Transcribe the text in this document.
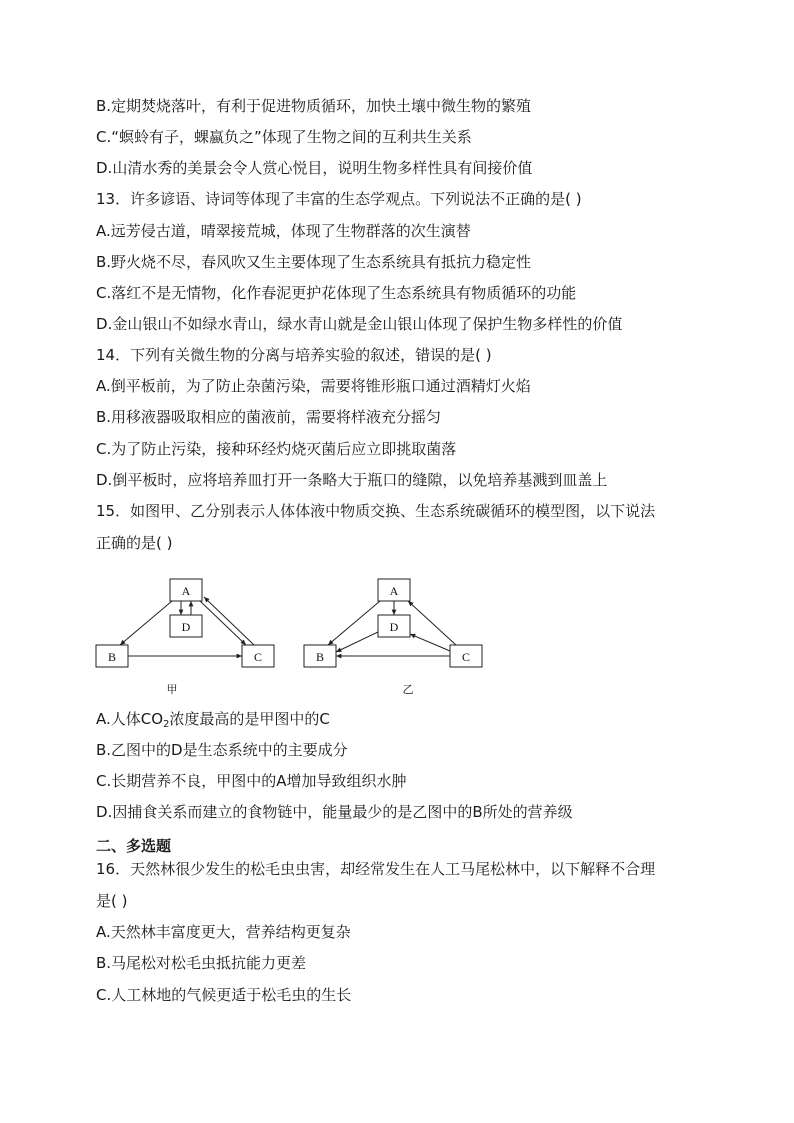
B.定期焚烧落叶，有利于促进物质循环，加快土壤中微生物的繁殖
C.“螟蛉有子，蜾蠃负之”体现了生物之间的互利共生关系
D.山清水秀的美景会令人赏心悦目，说明生物多样性具有间接价值
13．许多谚语、诗词等体现了丰富的生态学观点。下列说法不正确的是( )
A.远芳侵古道，晴翠接荒城，体现了生物群落的次生演替
B.野火烧不尽，春风吹又生主要体现了生态系统具有抵抗力稳定性
C.落红不是无情物，化作春泥更护花体现了生态系统具有物质循环的功能
D.金山银山不如绿水青山，绿水青山就是金山银山体现了保护生物多样性的价值
14．下列有关微生物的分离与培养实验的叙述，错误的是( )
A.倒平板前，为了防止杂菌污染，需要将锥形瓶口通过酒精灯火焰
B.用移液器吸取相应的菌液前，需要将样液充分摇匀
C.为了防止污染，接种环经灼烧灭菌后应立即挑取菌落
D.倒平板时，应将培养皿打开一条略大于瓶口的缝隙，以免培养基溅到皿盖上
15．如图甲、乙分别表示人体体液中物质交换、生态系统碳循环的模型图，以下说法
正确的是( )
A
D
B	C
甲
A
D
B	C
乙
A.人体$CO_2$浓度最高的是甲图中的C
B.乙图中的D是生态系统中的主要成分
C.长期营养不良，甲图中的A增加导致组织水肿
D.因捕食关系而建立的食物链中，能量最少的是乙图中的B所处的营养级
二、多选题
16．天然林很少发生的松毛虫虫害，却经常发生在人工马尾松林中，以下解释不合理
是( )
A.天然林丰富度更大，营养结构更复杂
B.马尾松对松毛虫抵抗能力更差
C.人工林地的气候更适于松毛虫的生长
